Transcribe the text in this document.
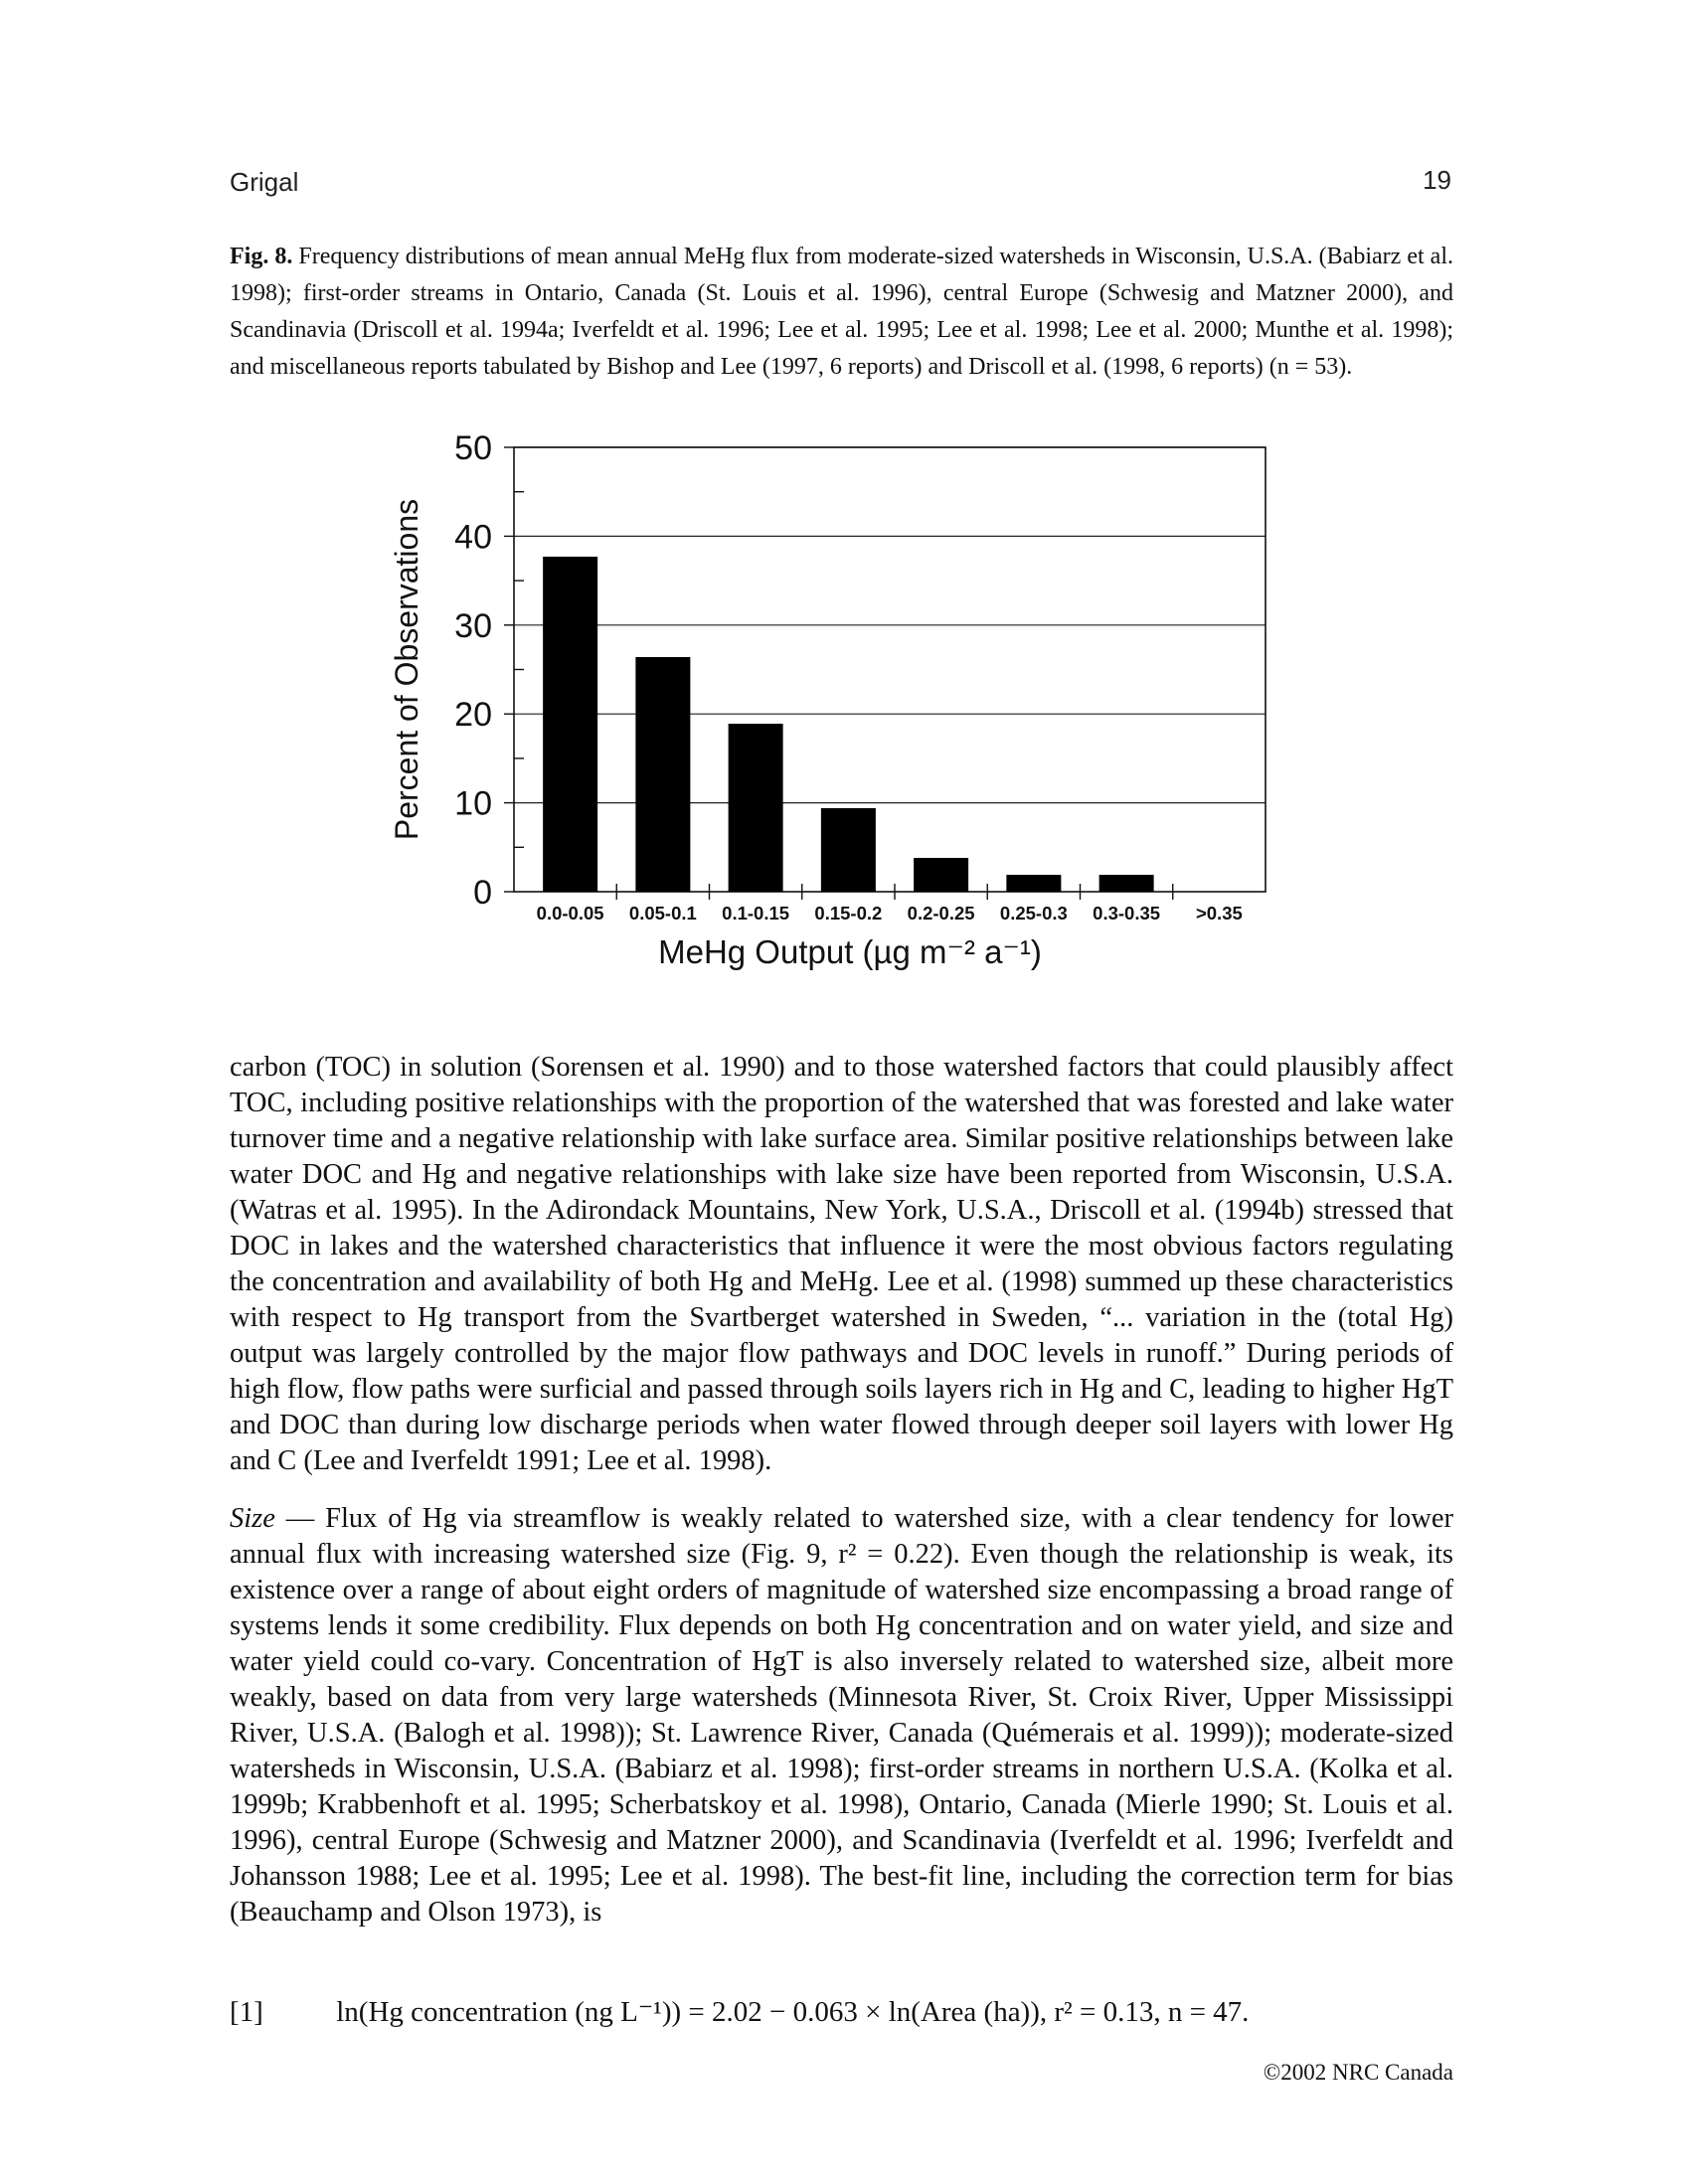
Grigal	19
Fig. 8. Frequency distributions of mean annual MeHg flux from moderate-sized watersheds in Wisconsin, U.S.A. (Babiarz et al. 1998); first-order streams in Ontario, Canada (St. Louis et al. 1996), central Europe (Schwesig and Matzner 2000), and Scandinavia (Driscoll et al. 1994a; Iverfeldt et al. 1996; Lee et al. 1995; Lee et al. 1998; Lee et al. 2000; Munthe et al. 1998); and miscellaneous reports tabulated by Bishop and Lee (1997, 6 reports) and Driscoll et al. (1998, 6 reports) (n = 53).
0
10
20
30
40
50
0.0-0.05 0.05-0.1 0.1-0.15 0.15-0.2 0.2-0.25 0.25-0.3 0.3-0.35 >0.35
Percent of Observations
MeHg Output (µg m⁻² a⁻¹)
carbon (TOC) in solution (Sorensen et al. 1990) and to those watershed factors that could plausibly affect TOC, including positive relationships with the proportion of the watershed that was forested and lake water turnover time and a negative relationship with lake surface area. Similar positive relationships between lake water DOC and Hg and negative relationships with lake size have been reported from Wisconsin, U.S.A. (Watras et al. 1995). In the Adirondack Mountains, New York, U.S.A., Driscoll et al. (1994b) stressed that DOC in lakes and the watershed characteristics that influence it were the most obvious factors regulating the concentration and availability of both Hg and MeHg. Lee et al. (1998) summed up these characteristics with respect to Hg transport from the Svartberget watershed in Sweden, “... variation in the (total Hg) output was largely controlled by the major flow pathways and DOC levels in runoff.” During periods of high flow, flow paths were surficial and passed through soils layers rich in Hg and C, leading to higher HgT and DOC than during low discharge periods when water flowed through deeper soil layers with lower Hg and C (Lee and Iverfeldt 1991; Lee et al. 1998).
Size — Flux of Hg via streamflow is weakly related to watershed size, with a clear tendency for lower annual flux with increasing watershed size (Fig. 9, r² = 0.22). Even though the relationship is weak, its existence over a range of about eight orders of magnitude of watershed size encompassing a broad range of systems lends it some credibility. Flux depends on both Hg concentration and on water yield, and size and water yield could co-vary. Concentration of HgT is also inversely related to watershed size, albeit more weakly, based on data from very large watersheds (Minnesota River, St. Croix River, Upper Mississippi River, U.S.A. (Balogh et al. 1998)); St. Lawrence River, Canada (Quémerais et al. 1999)); moderate-sized watersheds in Wisconsin, U.S.A. (Babiarz et al. 1998); first-order streams in northern U.S.A. (Kolka et al. 1999b; Krabbenhoft et al. 1995; Scherbatskoy et al. 1998), Ontario, Canada (Mierle 1990; St. Louis et al. 1996), central Europe (Schwesig and Matzner 2000), and Scandinavia (Iverfeldt et al. 1996; Iverfeldt and Johansson 1988; Lee et al. 1995; Lee et al. 1998). The best-fit line, including the correction term for bias (Beauchamp and Olson 1973), is
[1]	ln(Hg concentration (ng L⁻¹)) = 2.02 − 0.063 × ln(Area (ha)), r² = 0.13, n = 47.
©2002 NRC Canada
